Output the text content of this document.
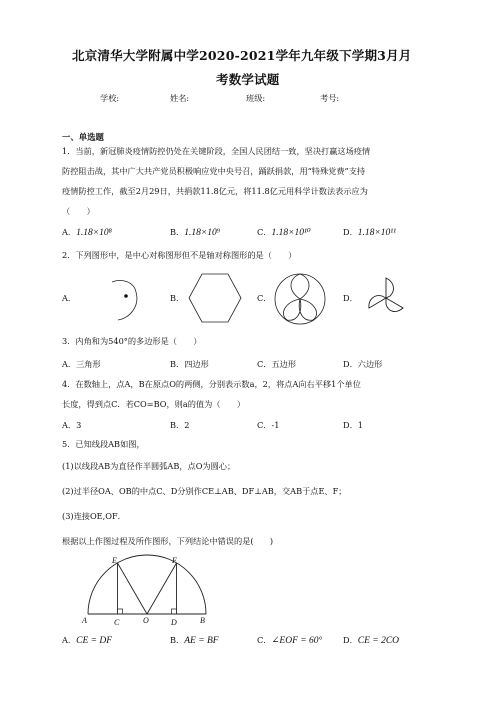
北京清华大学附属中学2020-2021学年九年级下学期3月月
考数学试题
学校:	姓名:	班级:	考号:
一、单选题
1．当前，新冠肺炎疫情防控仍处在关键阶段，全国人民团结一致，坚决打赢这场疫情
防控阻击战，其中广大共产党员积极响应党中央号召，踊跃捐款，用“特殊党费”支持
疫情防控工作，截至2月29日，共捐款11.8亿元，将11.8亿元用科学计数法表示应为
（　　）
A．1.18×10⁸	B．1.18×10⁹	C．1.18×10¹⁰	D．1.18×10¹¹
2．下列图形中，是中心对称图形但不是轴对称图形的是（　　）
A．	B．	C．	D．
3．内角和为540°的多边形是（　　）
A．三角形	B．四边形	C．五边形	D．六边形
4．在数轴上，点A，B在原点O的两侧，分别表示数a，2，将点A向右平移1个单位
长度，得到点C．若CO=BO，则a的值为（　　）
A．3	B．2	C．-1	D．1
5．已知线段AB如图，
(1)以线段AB为直径作半圆弧AB，点O为圆心；
(2)过半径OA、OB的中点C、D分别作CE⊥AB、DF⊥AB，交AB于点E、F；
(3)连接OE,OF．
根据以上作图过程及所作图形，下列结论中错误的是(　　)
E	F
A	C	O	D	B
A．CE = DF	B．AE = BF	C．∠EOF = 60°	D．CE = 2CO
